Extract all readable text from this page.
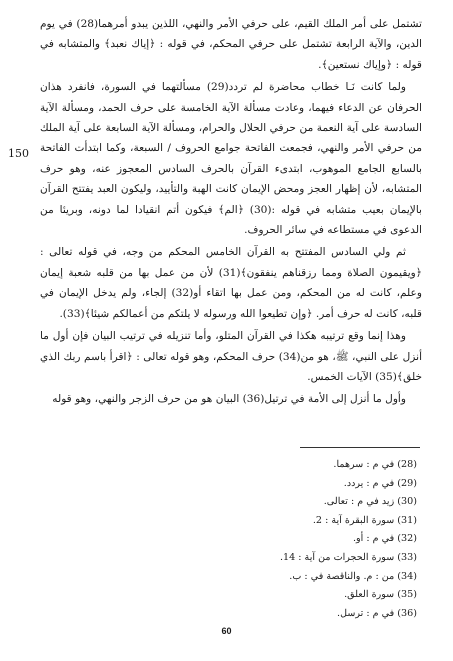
150

تشتمل على أمر الملك القيم، على حرفي الأمر والنهي، اللذين يبدو أمرهما(28) في يوم الدين، والآية الرابعة تشتمل على حرفي المحكم، في قوله : ﴿إياك نعبد﴾ والمتشابه في قوله : ﴿وإياك نستعين﴾.

ولما كانت نَـا خطاب محاضرة لم تردد(29) مسألتهما في السورة، فانفرد هذان الحرفان عن الدعاء فيهما، وعادت مسألة الآية الخامسة على حرف الحمد، ومسألة الآية السادسة على آية النعمة من حرفي الحلال والحرام، ومسألة الآية السابعة على آية الملك من حرفي الأمر والنهي، فجمعت الفاتحة جوامع الحروف / السبعة، وكما ابتدأت الفاتحة بالسابع الجامع الموهوب، ابتدىء القرآن بالحرف السادس المعجوز عنه، وهو حرف المتشابه، لأن إظهار العجز ومحض الإيمان كانت الهبة والتأييد، وليكون العبد يفتتح القرآن بالإيمان بعيب متشابه في قوله :(30) ﴿الم﴾ فيكون أتم انقيادا لما دونه، وبريئا من الدعوى في مستطاعه في سائر الحروف.

ثم ولي السادس المفتتح به القرآن الخامس المحكم من وجه، في قوله تعالى : ﴿ويقيمون الصلاة ومما رزقناهم ينفقون﴾(31) لأن من عمل بها من قلبه شعبة إيمان وعلم، كانت له من المحكم، ومن عمل بها اتقاء أو(32) إلجاء، ولم يدخل الإيمان في قلبه، كانت له حرف أمر. ﴿وإن تطيعوا الله ورسوله لا يلتكم من أعمالكم شيئا﴾(33).

وهذا إنما وقع ترتيبه هكذا في القرآن المتلو، وأما تنزيله في ترتيب البيان فإن أول ما أنزل على النبي، ﷺ، هو من(34) حرف المحكم، وهو قوله تعالى : ﴿اقرأ باسم ربك الذي خلق﴾(35) الآيات الخمس.

وأول ما أنزل إلى الأمة في ترتيل(36) البيان هو من حرف الزجر والنهي، وهو قوله

(28) في م : سرهما.
(29) في م : يردد.
(30) زيد في م : تعالى.
(31) سورة البقرة آية : 2.
(32) في م : أو.
(33) سورة الحجرات من آية : 14.
(34) من : م. والناقصة في : ب.
(35) سورة العلق.
(36) في م : ترسل.
60
